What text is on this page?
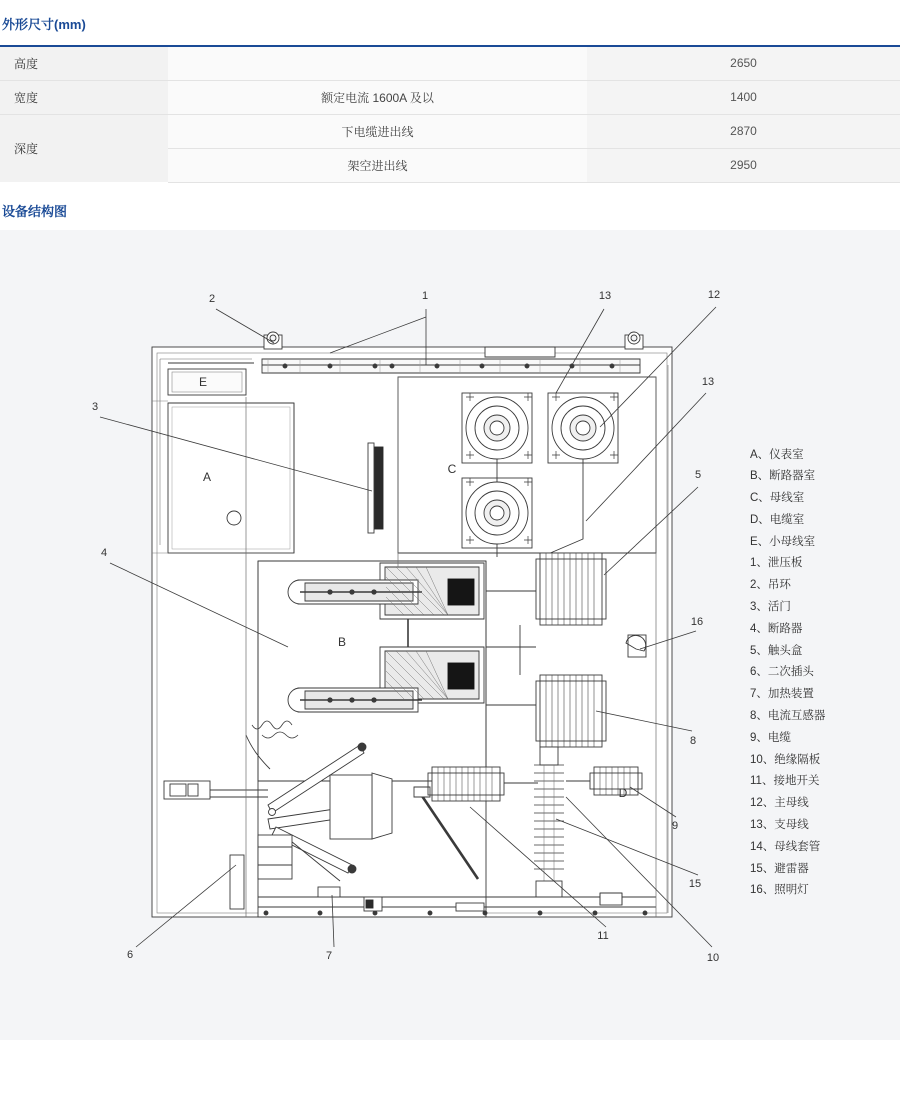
外形尺寸(mm)
高度		2650
宽度	额定电流 1600A 及以	1400
深度	下电缆进出线	2870
	架空进出线	2950
设备结构图
2	1	13	12
13
3
4
5
16
8
9
15
11
10
6	7
E
A
C
B
D
A、仪表室
B、断路器室
C、母线室
D、电缆室
E、小母线室
1、泄压板
2、吊环
3、活门
4、断路器
5、触头盒
6、二次插头
7、加热装置
8、电流互感器
9、电缆
10、绝缘隔板
11、接地开关
12、主母线
13、支母线
14、母线套管
15、避雷器
16、照明灯
